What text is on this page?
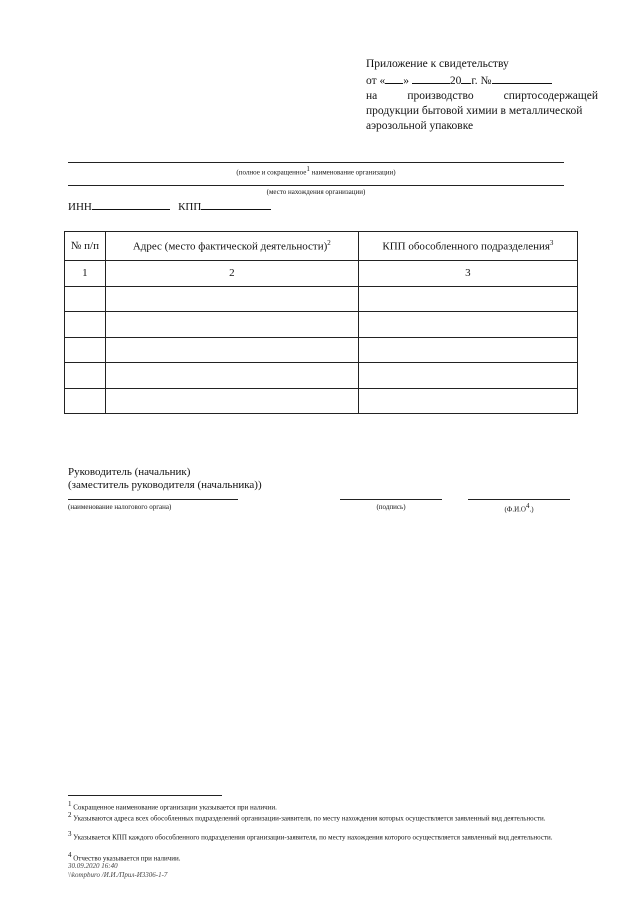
Приложение к свидетельству
от « »	20 г. №
на	производство	спиртосодержащей
продукции бытовой химии в металлической
аэрозольной упаковке
(полное и сокращенное$^1$ наименование организации)
(место нахождения организации)
ИНН	КПП
№ п/п	Адрес (место фактической деятельности)$^2$	КПП обособленного подразделения$^3$
1	2	3

Руководитель (начальник)
(заместитель руководителя (начальника))
(наименование налогового органа)	(подпись)	$(Ф.И.О^4.)$
$^1$ Сокращенное наименование организации указывается при наличии.
$^2$ Указываются адреса всех обособленных подразделений организации-заявителя, по месту нахождения которых осуществляется заявленный вид деятельности.
$^3$ Указывается КПП каждого обособленного подразделения организации-заявителя, по месту нахождения которого осуществляется заявленный вид деятельности.
$^4$ Отчество указывается при наличии.
30.09.2020 16:40
\\kompburo /И.И./Прил-И3306-1-7
